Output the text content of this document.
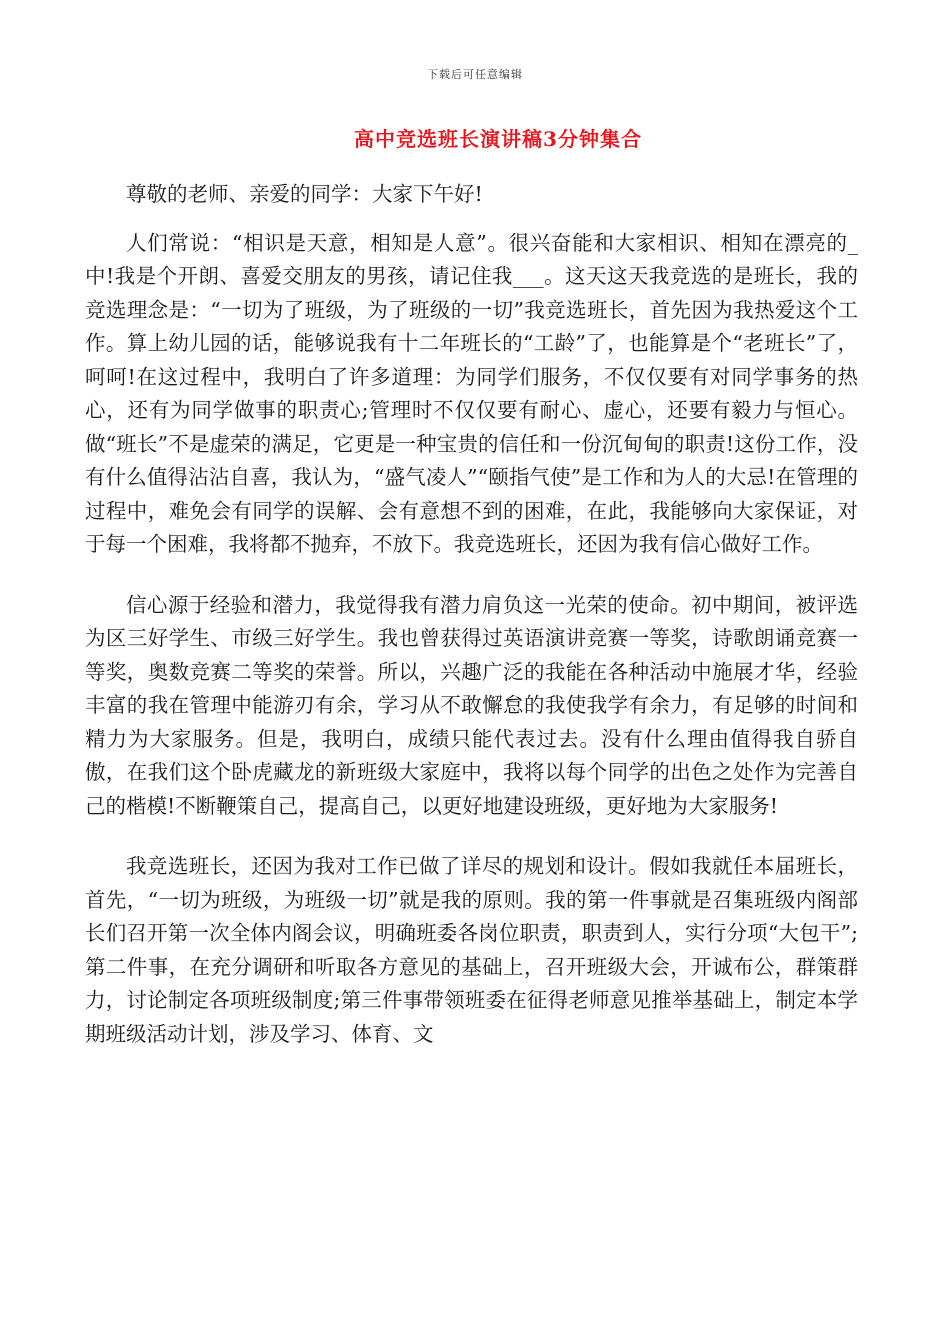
下载后可任意编辑
高中竞选班长演讲稿3分钟集合

尊敬的老师、亲爱的同学：大家下午好!

人们常说：“相识是天意，相知是人意”。很兴奋能和大家相识、相知在漂亮的_中!我是个开朗、喜爱交朋友的男孩，请记住我___。这天这天我竞选的是班长，我的竞选理念是：“一切为了班级，为了班级的一切”我竞选班长，首先因为我热爱这个工作。算上幼儿园的话，能够说我有十二年班长的“工龄”了，也能算是个“老班长”了，呵呵!在这过程中，我明白了许多道理：为同学们服务，不仅仅要有对同学事务的热心，还有为同学做事的职责心;管理时不仅仅要有耐心、虚心，还要有毅力与恒心。做“班长”不是虚荣的满足，它更是一种宝贵的信任和一份沉甸甸的职责!这份工作，没有什么值得沾沾自喜，我认为，“盛气凌人”“颐指气使”是工作和为人的大忌!在管理的过程中，难免会有同学的误解、会有意想不到的困难，在此，我能够向大家保证，对于每一个困难，我将都不抛弃，不放下。我竞选班长，还因为我有信心做好工作。

信心源于经验和潜力，我觉得我有潜力肩负这一光荣的使命。初中期间，被评选为区三好学生、市级三好学生。我也曾获得过英语演讲竞赛一等奖，诗歌朗诵竞赛一等奖，奥数竞赛二等奖的荣誉。所以，兴趣广泛的我能在各种活动中施展才华，经验丰富的我在管理中能游刃有余，学习从不敢懈怠的我使我学有余力，有足够的时间和精力为大家服务。但是，我明白，成绩只能代表过去。没有什么理由值得我自骄自傲，在我们这个卧虎藏龙的新班级大家庭中，我将以每个同学的出色之处作为完善自己的楷模!不断鞭策自己，提高自己，以更好地建设班级，更好地为大家服务!

我竞选班长，还因为我对工作已做了详尽的规划和设计。假如我就任本届班长，首先，“一切为班级，为班级一切”就是我的原则。我的第一件事就是召集班级内阁部长们召开第一次全体内阁会议，明确班委各岗位职责，职责到人，实行分项“大包干”;第二件事，在充分调研和听取各方意见的基础上，召开班级大会，开诚布公，群策群力，讨论制定各项班级制度;第三件事带领班委在征得老师意见推举基础上，制定本学期班级活动计划，涉及学习、体育、文
